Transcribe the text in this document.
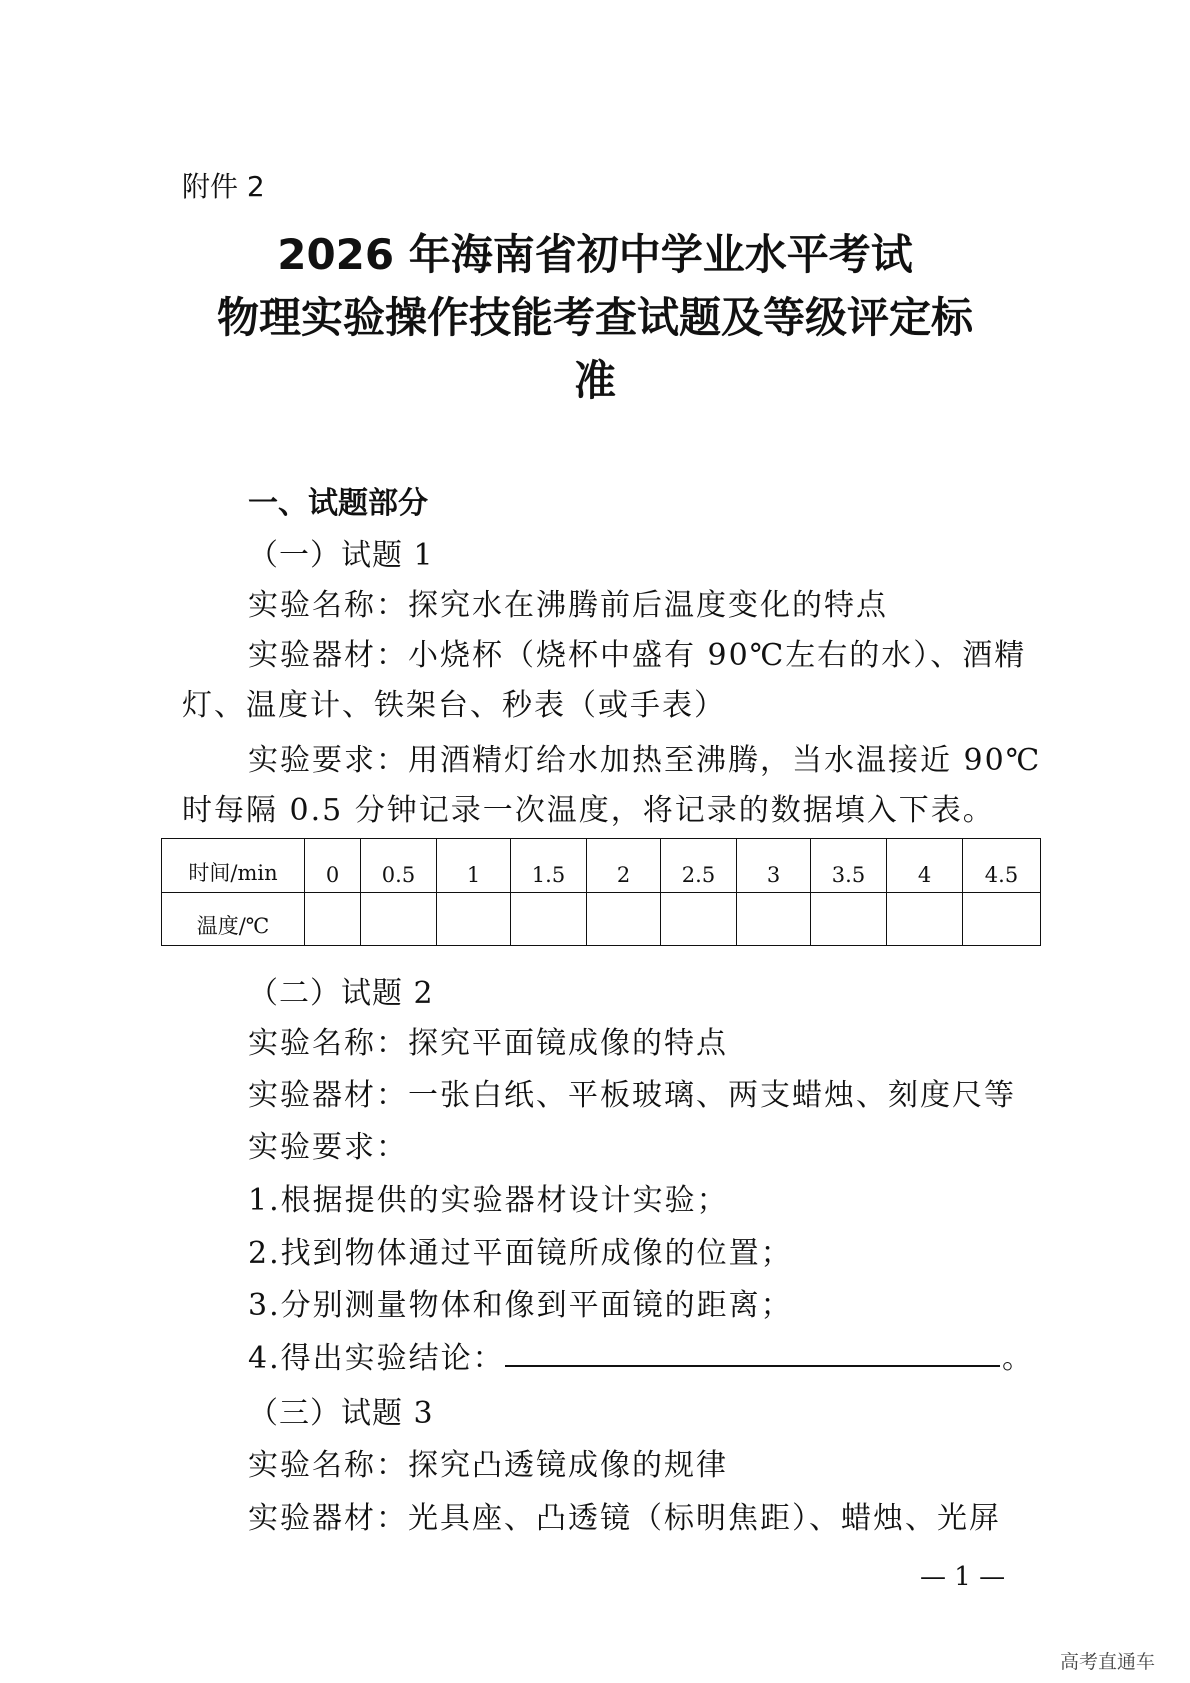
附件 2
2026 年海南省初中学业水平考试
物理实验操作技能考查试题及等级评定标
准
一、试题部分
（一）试题 1
实验名称：探究水在沸腾前后温度变化的特点
实验器材：小烧杯（烧杯中盛有 90℃左右的水）、酒精
灯、温度计、铁架台、秒表（或手表）
实验要求：用酒精灯给水加热至沸腾，当水温接近 90℃
时每隔 0.5 分钟记录一次温度，将记录的数据填入下表。
时间/min	0	0.5	1	1.5	2	2.5	3	3.5	4	4.5
温度/℃										
（二）试题 2
实验名称：探究平面镜成像的特点
实验器材：一张白纸、平板玻璃、两支蜡烛、刻度尺等
实验要求：
1.根据提供的实验器材设计实验；
2.找到物体通过平面镜所成像的位置；
3.分别测量物体和像到平面镜的距离；
4.得出实验结论：	。
（三）试题 3
实验名称：探究凸透镜成像的规律
实验器材：光具座、凸透镜（标明焦距）、蜡烛、光屏
— 1 —
高考直通车
